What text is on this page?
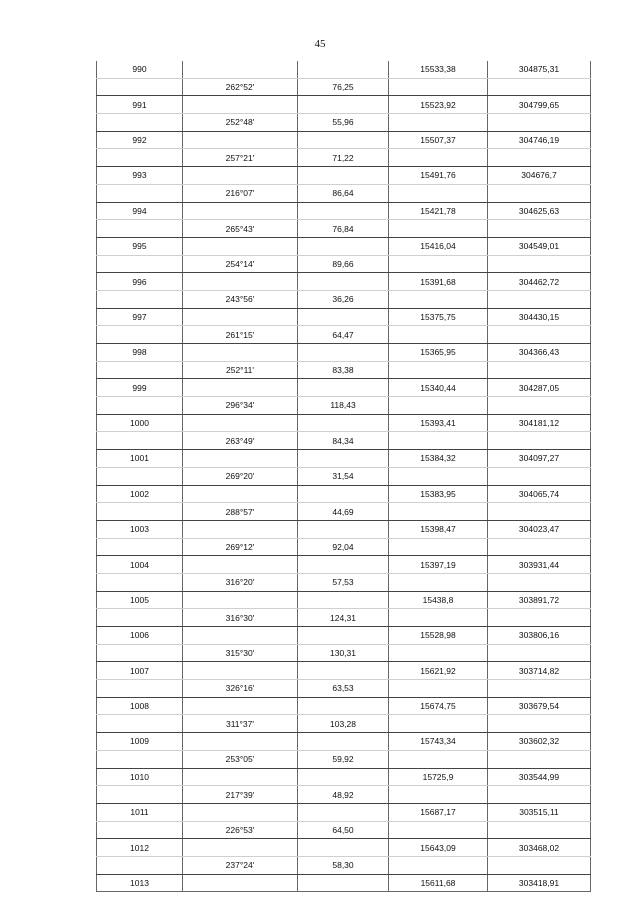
45
990			15533,38	304875,31
	262°52'	76,25		
991			15523,92	304799,65
	252°48'	55,96		
992			15507,37	304746,19
	257°21'	71,22		
993			15491,76	304676,7
	216°07'	86,64		
994			15421,78	304625,63
	265°43'	76,84		
995			15416,04	304549,01
	254°14'	89,66		
996			15391,68	304462,72
	243°56'	36,26		
997			15375,75	304430,15
	261°15'	64,47		
998			15365,95	304366,43
	252°11'	83,38		
999			15340,44	304287,05
	296°34'	118,43		
1000			15393,41	304181,12
	263°49'	84,34		
1001			15384,32	304097,27
	269°20'	31,54		
1002			15383,95	304065,74
	288°57'	44,69		
1003			15398,47	304023,47
	269°12'	92,04		
1004			15397,19	303931,44
	316°20'	57,53		
1005			15438,8	303891,72
	316°30'	124,31		
1006			15528,98	303806,16
	315°30'	130,31		
1007			15621,92	303714,82
	326°16'	63,53		
1008			15674,75	303679,54
	311°37'	103,28		
1009			15743,34	303602,32
	253°05'	59,92		
1010			15725,9	303544,99
	217°39'	48,92		
1011			15687,17	303515,11
	226°53'	64,50		
1012			15643,09	303468,02
	237°24'	58,30		
1013			15611,68	303418,91
